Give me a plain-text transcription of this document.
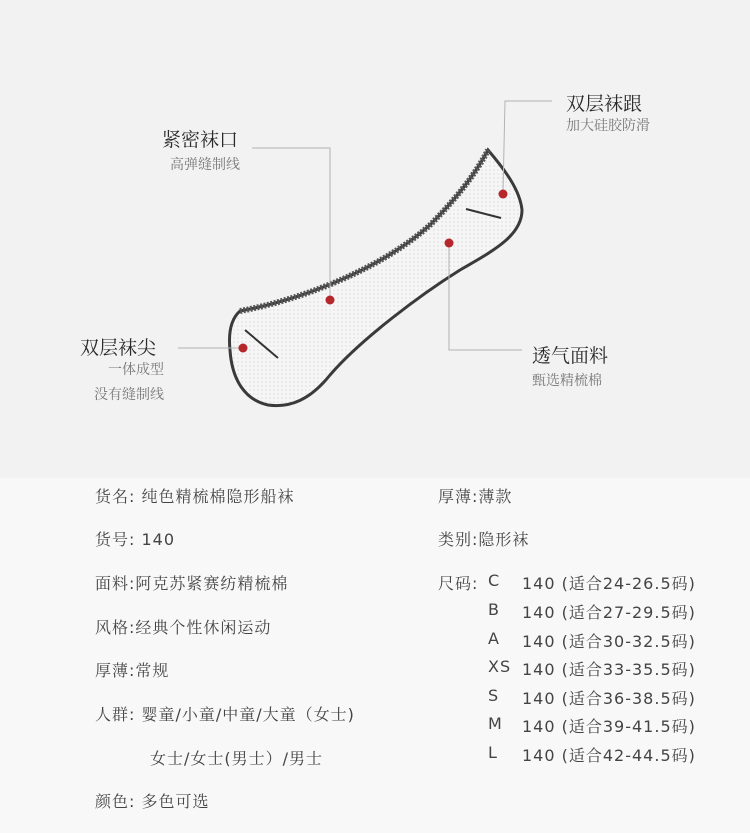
双层袜跟
加大硅胶防滑
紧密袜口
高弹缝制线
双层袜尖
一体成型
没有缝制线
透气面料
甄选精梳棉
货名: 纯色精梳棉隐形船袜
货号: 140
面料:阿克苏紧赛纺精梳棉
风格:经典个性休闲运动
厚薄:常规
人群: 婴童/小童/中童/大童（女士)
女士/女士(男士）/男士
颜色: 多色可选
厚薄:薄款
类别:隐形袜
尺码: C 140 (适合24-26.5码)
B 140 (适合27-29.5码)
A 140 (适合30-32.5码)
XS 140 (适合33-35.5码)
S 140 (适合36-38.5码)
M 140 (适合39-41.5码)
L 140 (适合42-44.5码)
